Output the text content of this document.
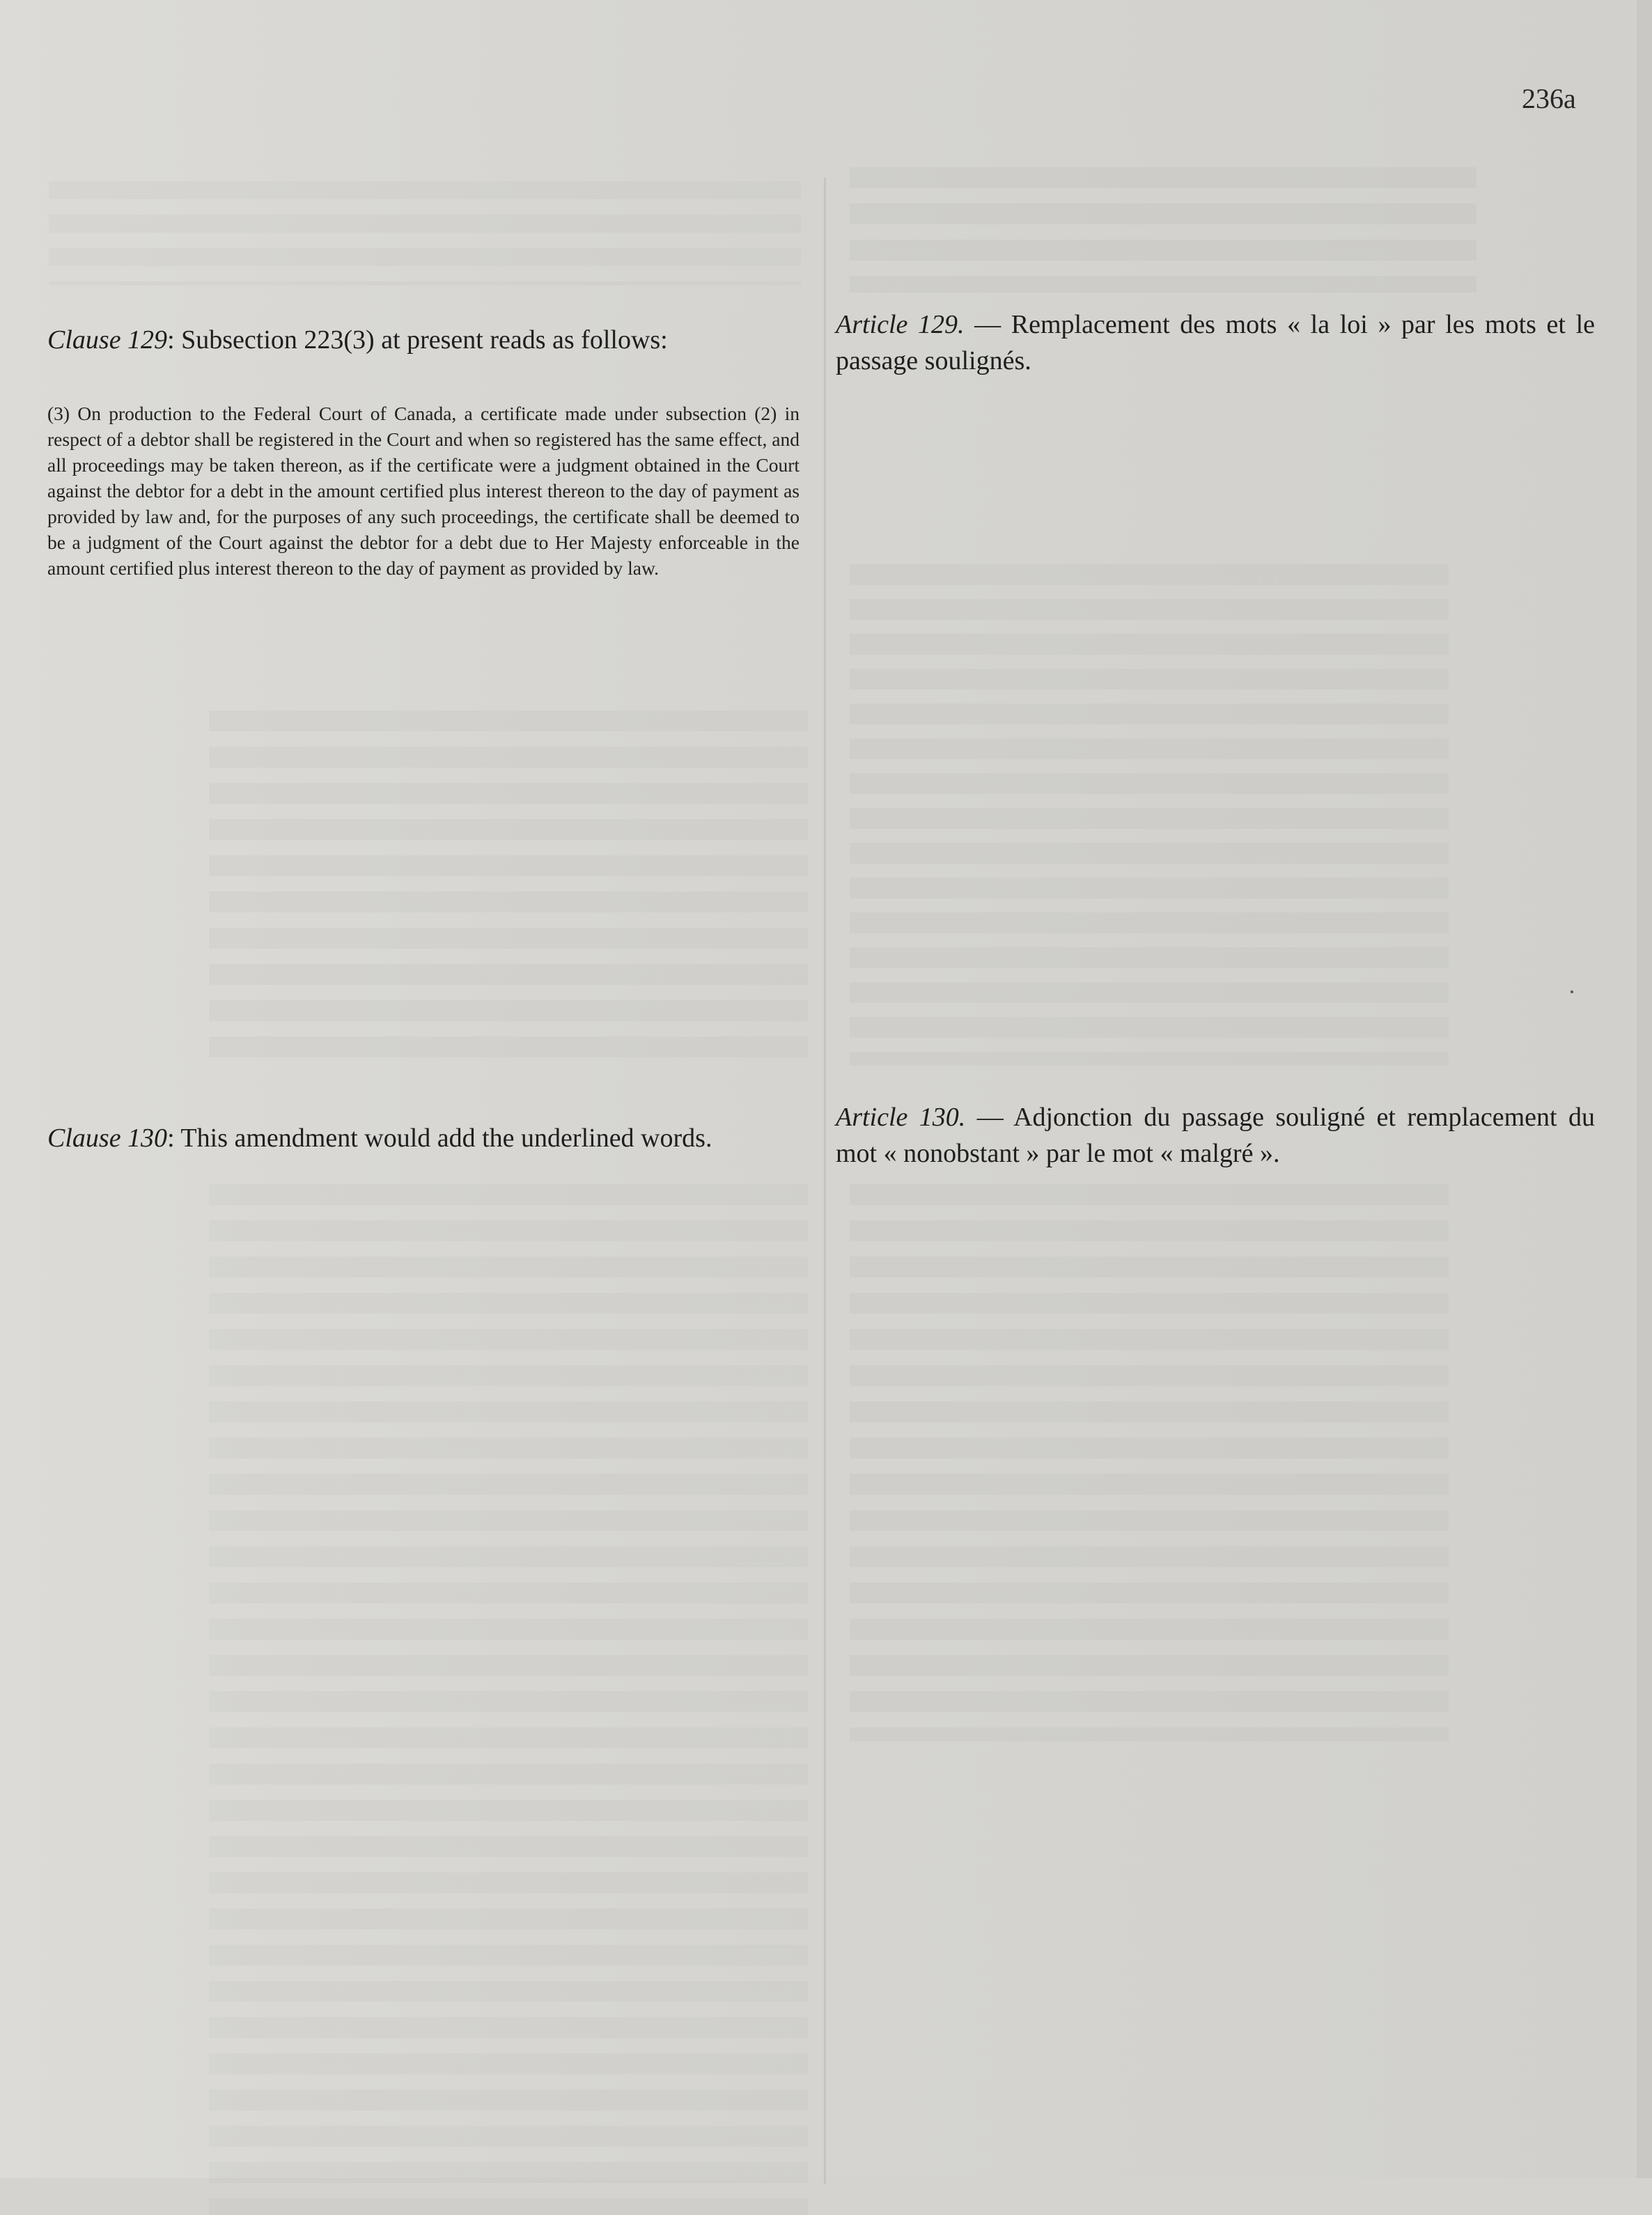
236a
Clause 129: Subsection 223(3) at present reads as follows:

(3) On production to the Federal Court of Canada, a certificate made under subsection (2) in respect of a debtor shall be registered in the Court and when so registered has the same effect, and all proceedings may be taken thereon, as if the certificate were a judgment obtained in the Court against the debtor for a debt in the amount certified plus interest thereon to the day of payment as provided by law and, for the purposes of any such proceedings, the certificate shall be deemed to be a judgment of the Court against the debtor for a debt due to Her Majesty enforceable in the amount certified plus interest thereon to the day of payment as provided by law.

Article 129. — Remplacement des mots « la loi » par les mots et le passage soulignés.
Clause 130: This amendment would add the underlined words.
Article 130. — Adjonction du passage souligné et remplacement du mot « nonobstant » par le mot « malgré ».
